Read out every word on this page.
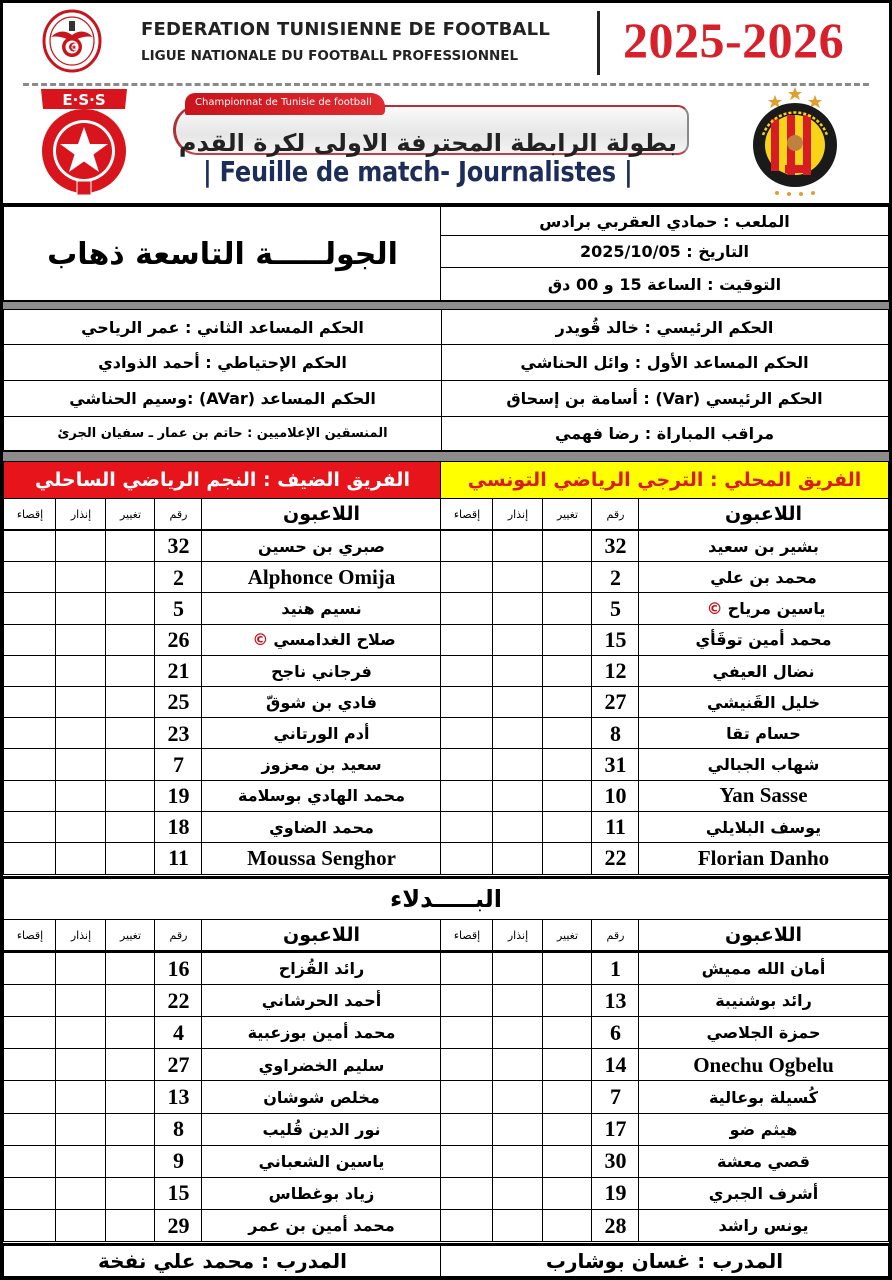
FEDERATION TUNISIENNE DE FOOTBALL
LIGUE NATIONALE DU FOOTBALL PROFESSIONNEL	2025-2026
E·S·S
بطولة الرابطة المحترفة الاولى لكرة القدم
Championnat de Tunisie de football
| Feuille de match- Journalistes |
الجولـــــة التاسعة ذهاب
الملعب : حمادي العقربي برادس
التاريخ : 2025/10/05
التوقيت : الساعة 15 و 00 دق
الحكم الرئيسي : خالد قُويدر
الحكم المساعد الثاني : عمر الرياحي
الحكم المساعد الأول : وائل الحناشي
الحكم الإحتياطي : أحمد الذوادي
الحكم الرئيسي (Var) : أسامة بن إسحاق
الحكم المساعد (AVar) :وسيم الحناشي
مراقب المباراة : رضا فهمي
المنسقين الإعلاميين : حاتم بن عمار ـ سفيان الجرئ
الفريق الضيف : النجم الرياضي الساحلي	الفريق المحلي : الترجي الرياضي التونسي
إقصاء	إنذار	تغيير	رقم	اللاعبون	إقصاء	إنذار	تغيير	رقم	اللاعبون
32	صبري بن حسين
2	Alphonce Omija
5	نسيم هنيد
26	صلاح الغدامسي
©
21	فرجاني ناجح
25	فادي بن شوقّ
23	أدم الورتاني
7	سعيد بن معزوز
19	محمد الهادي بوسلامة
18	محمد الضاوي
11	Moussa Senghor
32	بشير بن سعيد
2	محمد بن علي
5	ياسين مرياح
©
15	محمد أمين توقَأي
12	نضال العيفي
27	خليل القَنيشي
8	حسام تقا
31	شهاب الجبالي
10	Yan Sasse
11	يوسف البلايلي
22	Florian Danho
البـــــدلاء
إقصاء	إنذار	تغيير	رقم	اللاعبون	إقصاء	إنذار	تغيير	رقم	اللاعبون
16	رائد القُزاح
22	أحمد الحرشاني
4	محمد أمين بوزعبية
27	سليم الخضراوي
13	مخلص شوشان
8	نور الدين قُليب
9	ياسين الشعباني
15	زياد بوغطاس
29	محمد أمين بن عمر
1	أمان الله مميش
13	رائد بوشنيبة
6	حمزة الجلاصي
14	Onechu Ogbelu
7	كُسيلة بوعالية
17	هيثم ضو
30	قصي معشة
19	أشرف الجبري
28	يونس راشد
المدرب : محمد علي نفخة	المدرب : غسان بوشارب
